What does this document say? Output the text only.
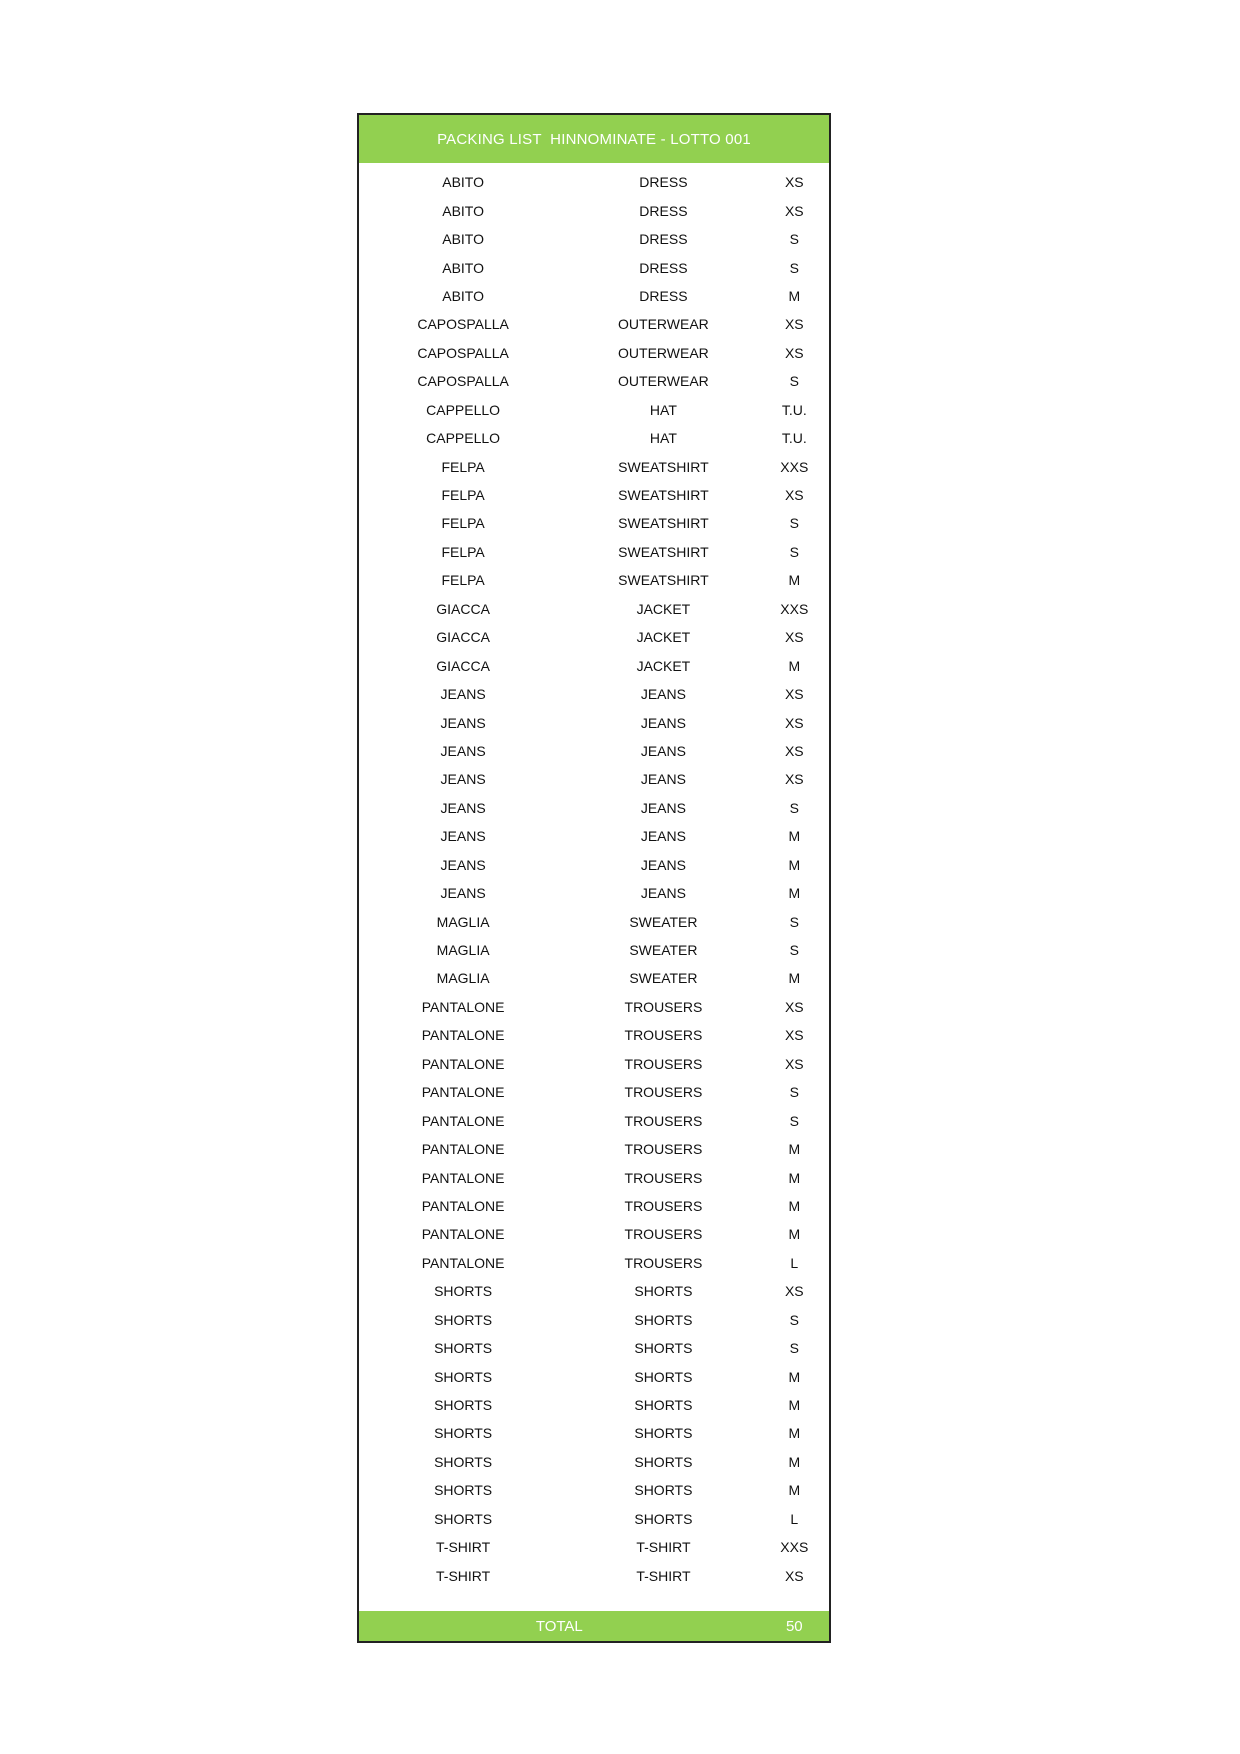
PACKING LIST  HINNOMINATE - LOTTO 001
ABITO	DRESS	XS
ABITO	DRESS	XS
ABITO	DRESS	S
ABITO	DRESS	S
ABITO	DRESS	M
CAPOSPALLA	OUTERWEAR	XS
CAPOSPALLA	OUTERWEAR	XS
CAPOSPALLA	OUTERWEAR	S
CAPPELLO	HAT	T.U.
CAPPELLO	HAT	T.U.
FELPA	SWEATSHIRT	XXS
FELPA	SWEATSHIRT	XS
FELPA	SWEATSHIRT	S
FELPA	SWEATSHIRT	S
FELPA	SWEATSHIRT	M
GIACCA	JACKET	XXS
GIACCA	JACKET	XS
GIACCA	JACKET	M
JEANS	JEANS	XS
JEANS	JEANS	XS
JEANS	JEANS	XS
JEANS	JEANS	XS
JEANS	JEANS	S
JEANS	JEANS	M
JEANS	JEANS	M
JEANS	JEANS	M
MAGLIA	SWEATER	S
MAGLIA	SWEATER	S
MAGLIA	SWEATER	M
PANTALONE	TROUSERS	XS
PANTALONE	TROUSERS	XS
PANTALONE	TROUSERS	XS
PANTALONE	TROUSERS	S
PANTALONE	TROUSERS	S
PANTALONE	TROUSERS	M
PANTALONE	TROUSERS	M
PANTALONE	TROUSERS	M
PANTALONE	TROUSERS	M
PANTALONE	TROUSERS	L
SHORTS	SHORTS	XS
SHORTS	SHORTS	S
SHORTS	SHORTS	S
SHORTS	SHORTS	M
SHORTS	SHORTS	M
SHORTS	SHORTS	M
SHORTS	SHORTS	M
SHORTS	SHORTS	M
SHORTS	SHORTS	L
T-SHIRT	T-SHIRT	XXS
T-SHIRT	T-SHIRT	XS
TOTAL	50
